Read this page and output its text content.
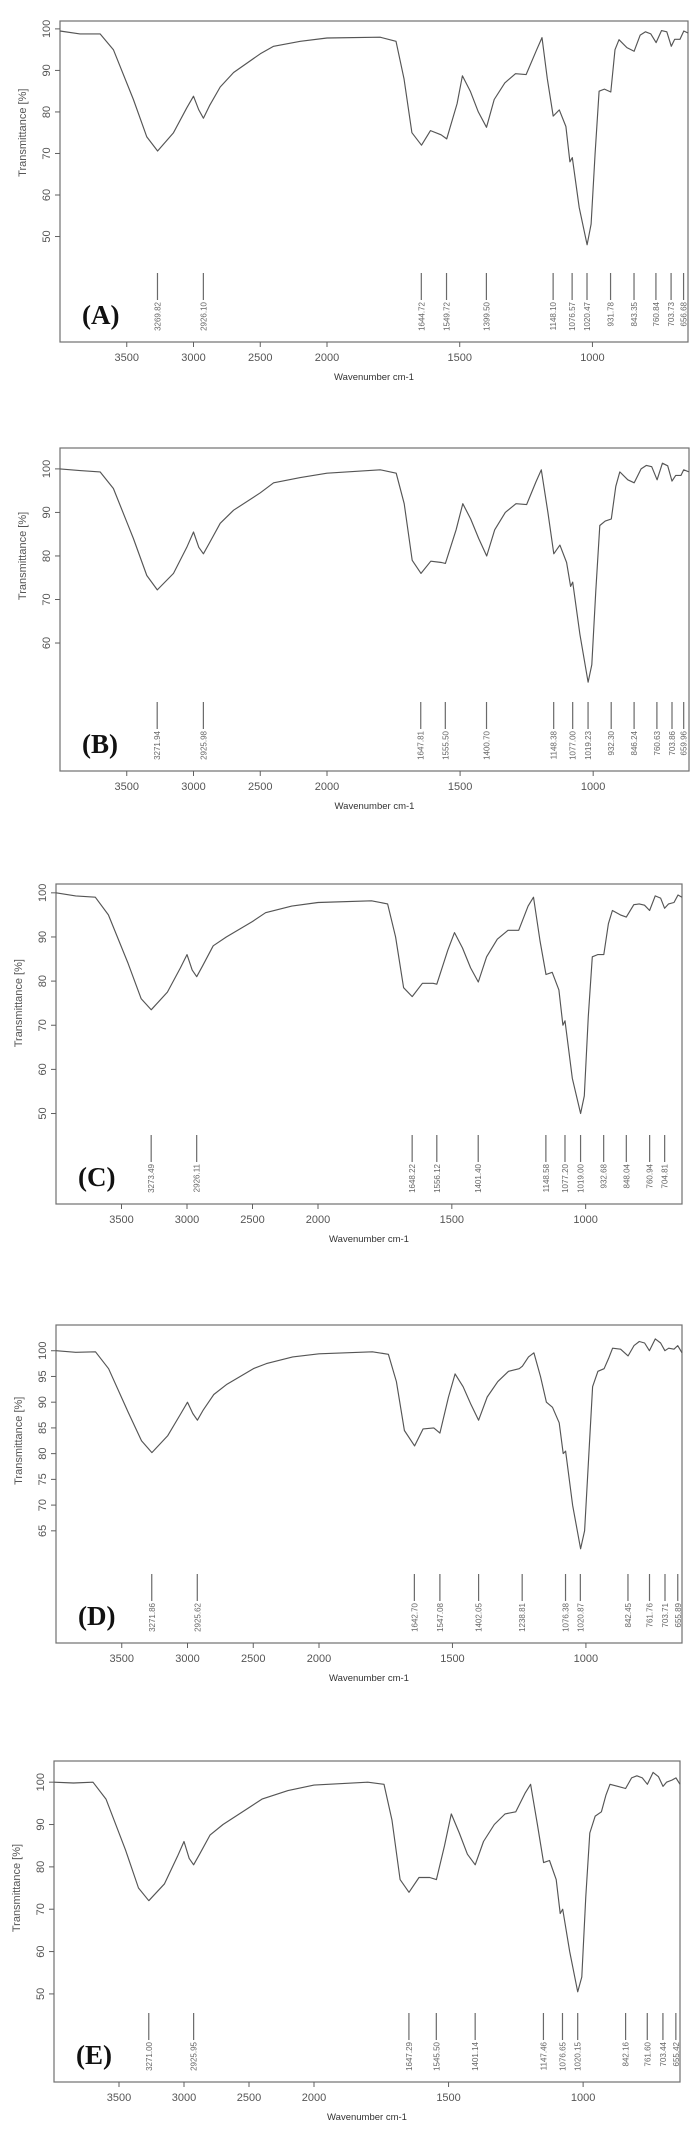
50
60
70
80
90
100
Transmittance [%]
3500	3000	2500	2000	1500	1000
Wavenumber cm-1
3269.82	2926.10	1644.72 1549.72	1399.50	1148.10 1076.57 1020.47 931.78 843.35 760.84 703.73 656.68
(A)
60
70
80
90
100
Transmittance [%]
3500	3000	2500	2000	1500	1000
Wavenumber cm-1
3271.94	2925.98	1647.81 1555.50	1400.70	1148.38 1077.00 1019.23 932.30 846.24 760.63 703.86 659.96
(B)
50
60
70
80
90
100
Transmittance [%]
3500	3000	2500	2000	1500	1000
Wavenumber cm-1
3273.49	2926.11	1648.22 1556.12	1401.40	1148.58 1077.20 1019.00 932.68 848.04 760.94 704.81
(C)
65
70
75
80
85
90
95
100
Transmittance [%]
3500	3000	2500	2000	1500	1000
Wavenumber cm-1
3271.86	2925.62	1642.70 1547.08	1402.05	1238.81	1076.38 1020.87	842.45 761.76 703.71 655.89
(D)
50
60
70
80
90
100
Transmittance [%]
3500	3000	2500	2000	1500	1000
Wavenumber cm-1
3271.00	2925.95	1647.29 1545.50	1401.14	1147.46 1076.65 1020.15	842.16 761.60 703.44 655.42
(E)
